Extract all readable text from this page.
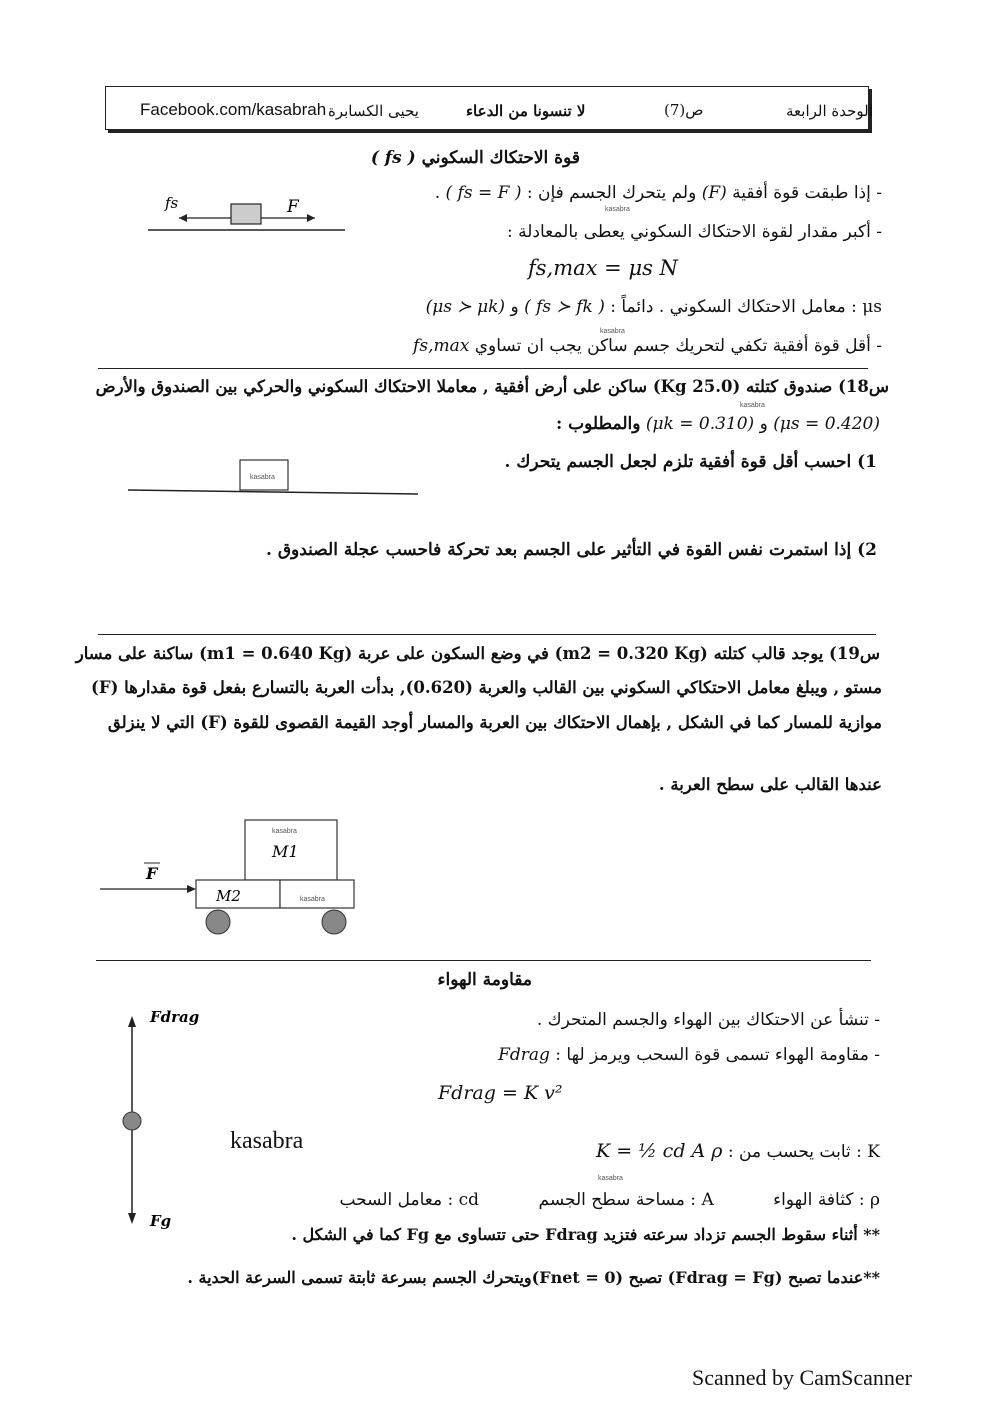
Facebook.com/kasabrah يحيى الكسابرة	لا تنسونا من الدعاء	ص(7)	الوحدة الرابعة
قوة الاحتكاك السكوني ( fs )
fs	F
- إذا طبقت قوة أفقية (F) ولم يتحرك الجسم فإن : ( fs = F ) .
- أكبر مقدار لقوة الاحتكاك السكوني يعطى بالمعادلة :
fs,max = μs N
μs : معامل الاحتكاك السكوني . دائماً : ( fs ≻ fk ) و (μs ≻ μk)
- أقل قوة أفقية تكفي لتحريك جسم ساكن يجب ان تساوي fs,max
س18) صندوق كتلته (25.0 Kg) ساكن على أرض أفقية , معاملا الاحتكاك السكوني والحركي بين الصندوق والأرض
(μs = 0.420) و (μk = 0.310) والمطلوب :
1) احسب أقل قوة أفقية تلزم لجعل الجسم يتحرك .
2) إذا استمرت نفس القوة في التأثير على الجسم بعد تحركة فاحسب عجلة الصندوق .
س19) يوجد قالب كتلته (m2 = 0.320 Kg) في وضع السكون على عربة (m1 = 0.640 Kg) ساكنة على مسار
مستو , ويبلغ معامل الاحتكاكي السكوني بين القالب والعربة (0.620), بدأت العربة بالتسارع بفعل قوة مقدارها (F)
موازية للمسار كما في الشكل , بإهمال الاحتكاك بين العربة والمسار أوجد القيمة القصوى للقوة (F) التي لا ينزلق
عندها القالب على سطح العربة .
F
M1
M2
مقاومة الهواء
Fdrag
Fg
- تنشأ عن الاحتكاك بين الهواء والجسم المتحرك .
- مقاومة الهواء تسمى قوة السحب ويرمز لها : Fdrag
Fdrag = K v²
kasabra	K : ثابت يحسب من : K = ½ cd A ρ
ρ : كثافة الهواء           A : مساحة سطح الجسم           cd : معامل السحب
** أثناء سقوط الجسم تزداد سرعته فتزيد Fdrag حتى تتساوى مع Fg كما في الشكل .
**عندما تصبح (Fdrag = Fg) تصبح (Fnet = 0)ويتحرك الجسم بسرعة ثابتة تسمى السرعة الحدية .
kasabra
kasabra
kasabra
kasabra
kasabra
kasabra
kasabra
Scanned by CamScanner
